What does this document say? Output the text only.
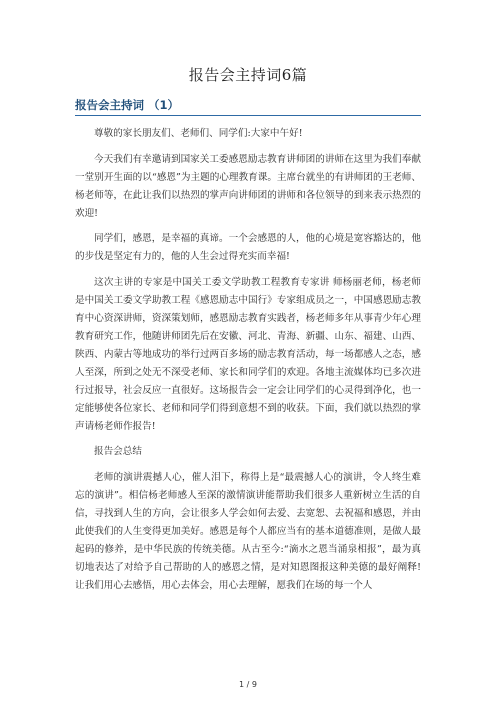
报告会主持词6篇
报告会主持词 （1）

尊敬的家长朋友们、老师们、同学们:大家中午好!

今天我们有幸邀请到国家关工委感恩励志教育讲师团的讲师在这里为我们奉献一堂别开生面的以“感恩”为主题的心理教育课。主席台就坐的有讲师团的王老师、杨老师等，在此让我们以热烈的掌声向讲师团的讲师和各位领导的到来表示热烈的欢迎!

同学们，感恩，是幸福的真谛。一个会感恩的人，他的心境是宽容豁达的，他的步伐是坚定有力的，他的人生会过得充实而幸福!

这次主讲的专家是中国关工委文学助教工程教育专家讲 师杨丽老师，杨老师是中国关工委文学助教工程《感恩励志中国行》专家组成员之一，中国感恩励志教育中心资深讲师，资深策划师，感恩励志教育实践者，杨老师多年从事青少年心理教育研究工作，他随讲师团先后在安徽、河北、青海、新疆、山东、福建、山西、陕西、内蒙古等地成功的举行过两百多场的励志教育活动，每一场都感人之态，感人至深，所到之处无不深受老师、家长和同学们的欢迎。各地主流媒体均已多次进行过报导，社会反应一直很好。这场报告会一定会让同学们的心灵得到净化，也一定能够使各位家长、老师和同学们得到意想不到的收获。下面，我们就以热烈的掌声请杨老师作报告!

报告会总结

老师的演讲震撼人心，催人泪下，称得上是“最震撼人心的演讲，令人终生难忘的演讲”。相信杨老师感人至深的激情演讲能帮助我们很多人重新树立生活的自信，寻找到人生的方向，会让很多人学会如何去爱、去宽恕、去祝福和感恩，并由此使我们的人生变得更加美好。感恩是每个人都应当有的基本道德准则，是做人最起码的修养，是中华民族的传统美德。从古至今:“滴水之恩当涌泉相报”，最为真切地表达了对给予自己帮助的人的感恩之情，是对知恩图报这种美德的最好阐释!让我们用心去感悟，用心去体会，用心去理解，愿我们在场的每一个人

1 / 9
